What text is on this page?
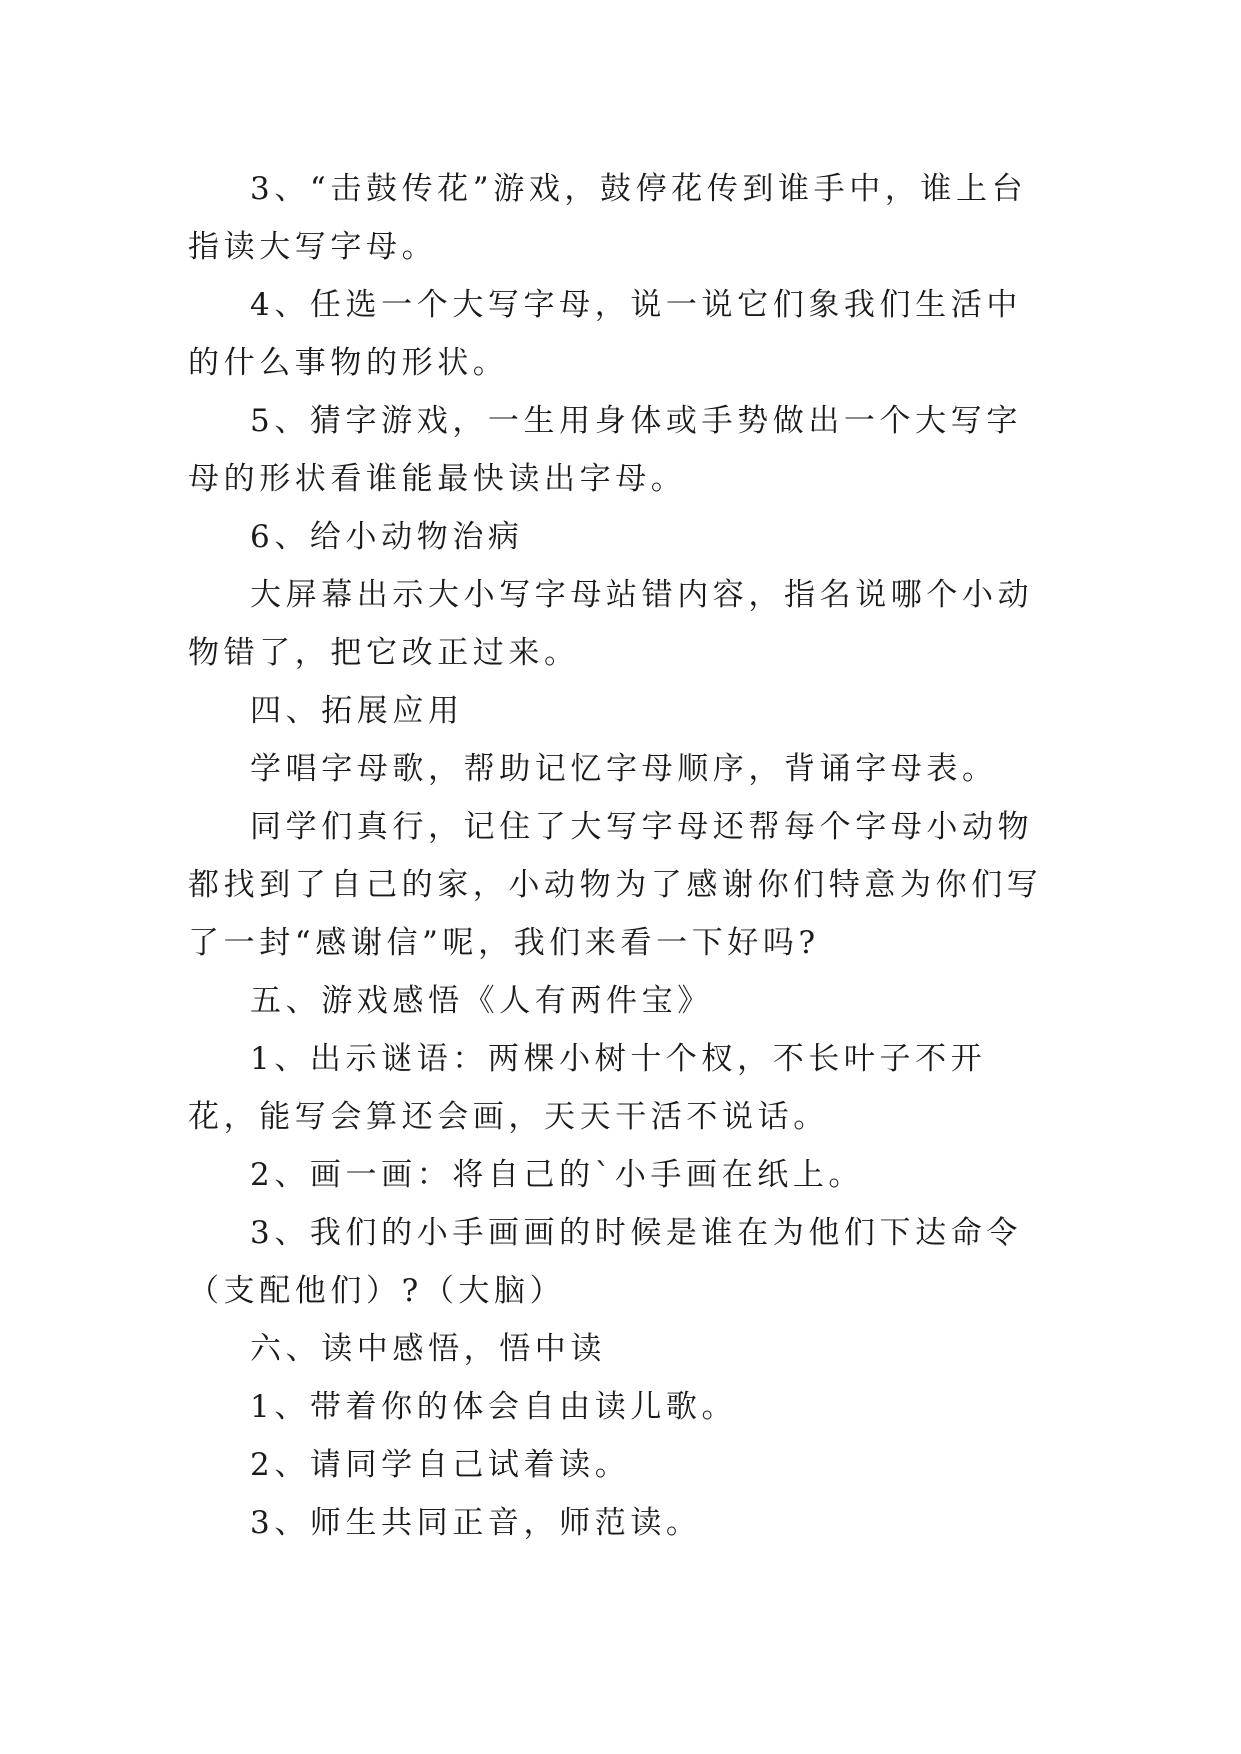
3、“击鼓传花”游戏，鼓停花传到谁手中，谁上台指读大写字母。

4、任选一个大写字母，说一说它们象我们生活中的什么事物的形状。

5、猜字游戏，一生用身体或手势做出一个大写字母的形状看谁能最快读出字母。

6、给小动物治病

大屏幕出示大小写字母站错内容，指名说哪个小动物错了，把它改正过来。

四、拓展应用

学唱字母歌，帮助记忆字母顺序，背诵字母表。

同学们真行，记住了大写字母还帮每个字母小动物都找到了自己的家，小动物为了感谢你们特意为你们写了一封“感谢信”呢，我们来看一下好吗?

五、游戏感悟《人有两件宝》

1、出示谜语：两棵小树十个杈，不长叶子不开花，能写会算还会画，天天干活不说话。

2、画一画：将自己的`小手画在纸上。

3、我们的小手画画的时候是谁在为他们下达命令（支配他们）?（大脑）

六、读中感悟，悟中读

1、带着你的体会自由读儿歌。

2、请同学自己试着读。

3、师生共同正音，师范读。
